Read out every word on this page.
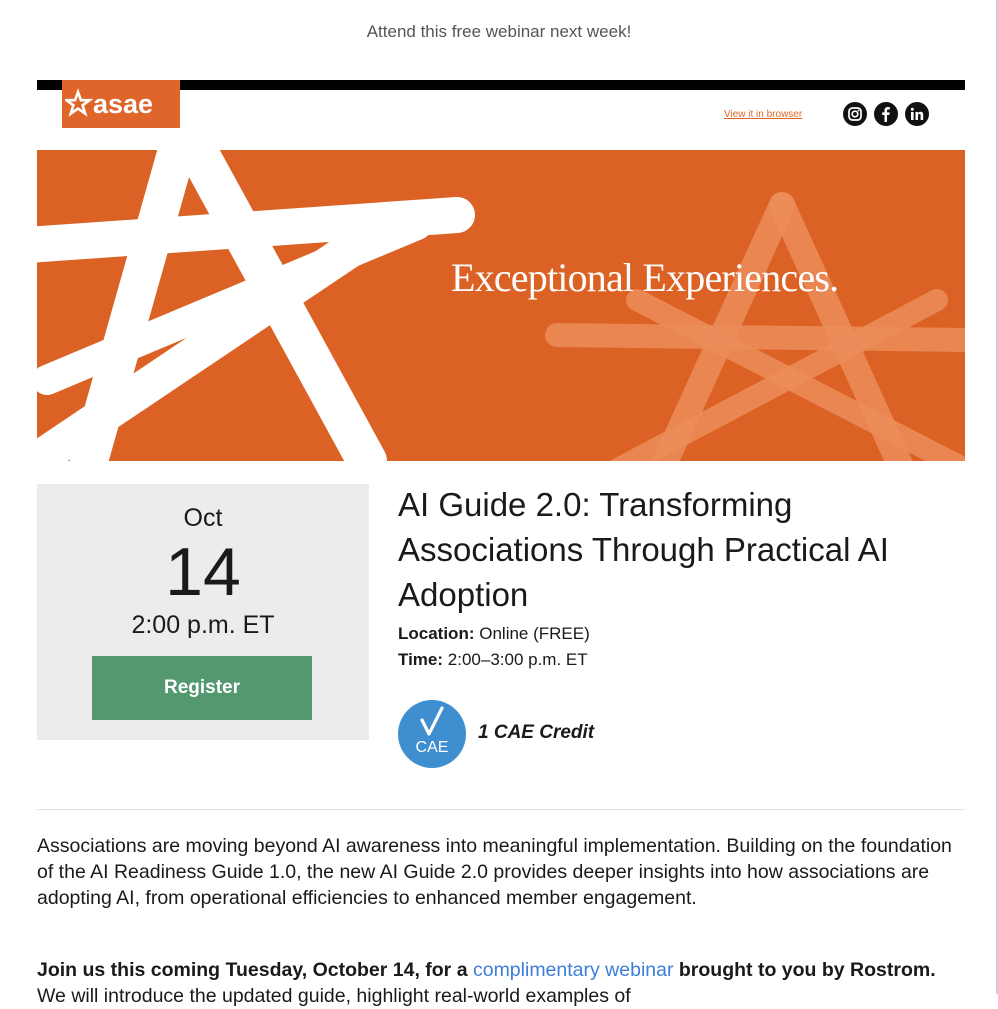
Attend this free webinar next week!
asae	View it in browser
Exceptional Experiences.
Oct
14
2:00 p.m. ET
Register
AI Guide 2.0: Transforming Associations Through Practical AI Adoption
Location: Online (FREE)
Time: 2:00–3:00 p.m. ET
CAE
1 CAE Credit
Associations are moving beyond AI awareness into meaningful implementation. Building on the foundation of the AI Readiness Guide 1.0, the new AI Guide 2.0 provides deeper insights into how associations are adopting AI, from operational efficiencies to enhanced member engagement.
Join us this coming Tuesday, October 14, for a complimentary webinar brought to you by Rostrom. We will introduce the updated guide, highlight real-world examples of
